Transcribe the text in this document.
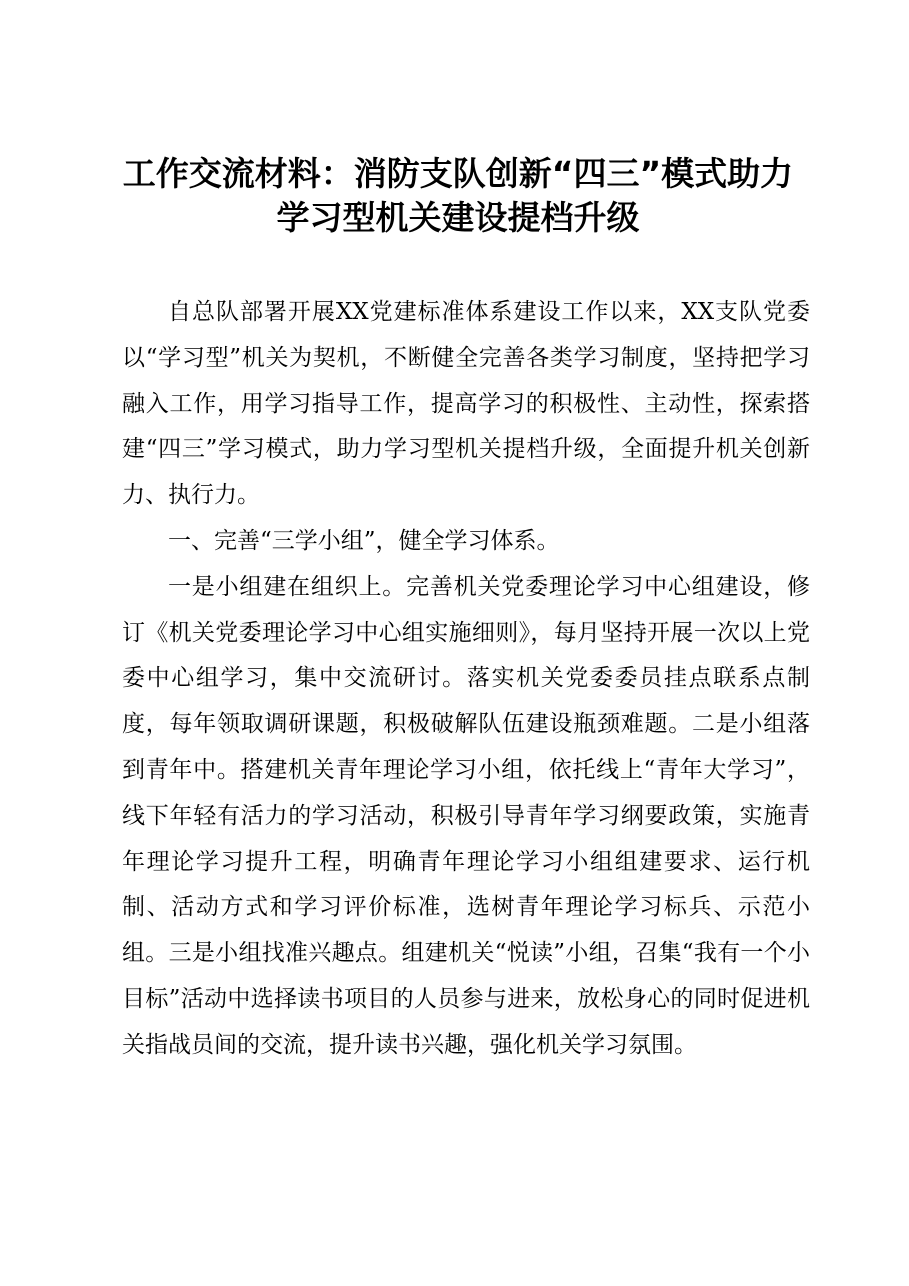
工作交流材料：消防支队创新“四三”模式助力
学习型机关建设提档升级

自总队部署开展XX党建标准体系建设工作以来，XX支队党委以“学习型”机关为契机，不断健全完善各类学习制度，坚持把学习融入工作，用学习指导工作，提高学习的积极性、主动性，探索搭建“四三”学习模式，助力学习型机关提档升级，全面提升机关创新力、执行力。

一、完善“三学小组”，健全学习体系。

一是小组建在组织上。完善机关党委理论学习中心组建设，修订《机关党委理论学习中心组实施细则》，每月坚持开展一次以上党委中心组学习，集中交流研讨。落实机关党委委员挂点联系点制度，每年领取调研课题，积极破解队伍建设瓶颈难题。二是小组落到青年中。搭建机关青年理论学习小组，依托线上“青年大学习”，线下年轻有活力的学习活动，积极引导青年学习纲要政策，实施青年理论学习提升工程，明确青年理论学习小组组建要求、运行机制、活动方式和学习评价标准，选树青年理论学习标兵、示范小组。三是小组找准兴趣点。组建机关“悦读”小组，召集“我有一个小目标”活动中选择读书项目的人员参与进来，放松身心的同时促进机关指战员间的交流，提升读书兴趣，强化机关学习氛围。
